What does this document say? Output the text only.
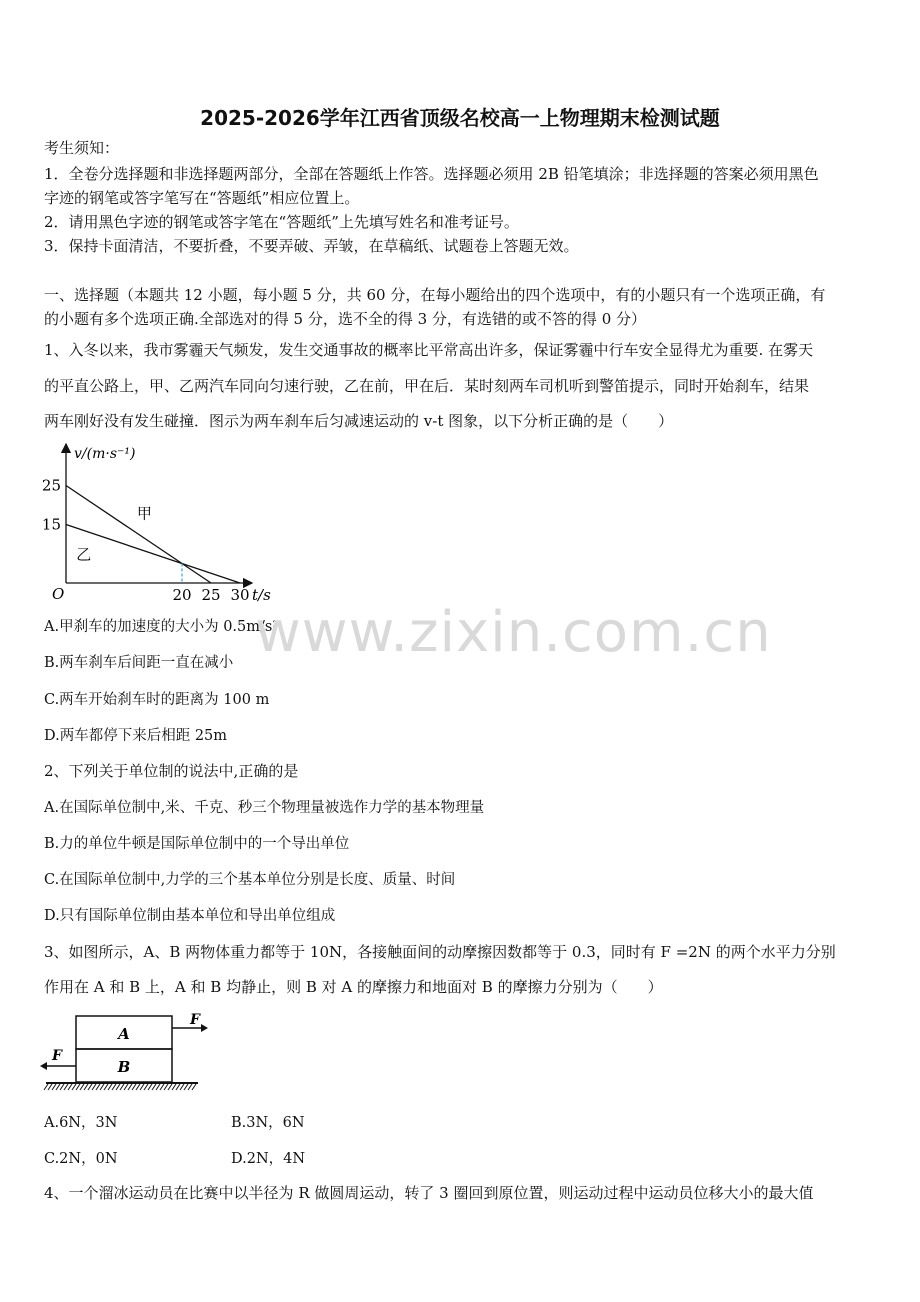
2025-2026学年江西省顶级名校高一上物理期末检测试题
考生须知：
1．全卷分选择题和非选择题两部分，全部在答题纸上作答。选择题必须用 2B 铅笔填涂；非选择题的答案必须用黑色
字迹的钢笔或答字笔写在“答题纸”相应位置上。
2．请用黑色字迹的钢笔或答字笔在“答题纸”上先填写姓名和准考证号。
3．保持卡面清洁，不要折叠，不要弄破、弄皱，在草稿纸、试题卷上答题无效。
一、选择题（本题共 12 小题，每小题 5 分，共 60 分，在每小题给出的四个选项中，有的小题只有一个选项正确，有
的小题有多个选项正确.全部选对的得 5 分，选不全的得 3 分，有选错的或不答的得 0 分）
1、入冬以来，我市雾霾天气频发，发生交通事故的概率比平常高出许多，保证雾霾中行车安全显得尤为重要. 在雾天
的平直公路上，甲、乙两汽车同向匀速行驶，乙在前，甲在后．某时刻两车司机听到警笛提示，同时开始刹车，结果
两车刚好没有发生碰撞．图示为两车刹车后匀减速运动的 v-t 图象，以下分析正确的是（　　）
v/(m·s⁻¹)
t/s
O
25
15
20 25 30
甲
乙
A.甲刹车的加速度的大小为 0.5m/s²
B.两车刹车后间距一直在减小
C.两车开始刹车时的距离为 100 m
D.两车都停下来后相距 25m
2、下列关于单位制的说法中,正确的是
A.在国际单位制中,米、千克、秒三个物理量被选作力学的基本物理量
B.力的单位牛顿是国际单位制中的一个导出单位
C.在国际单位制中,力学的三个基本单位分别是长度、质量、时间
D.只有国际单位制由基本单位和导出单位组成
3、如图所示，A、B 两物体重力都等于 10N，各接触面间的动摩擦因数都等于 0.3，同时有 F =2N 的两个水平力分别
作用在 A 和 B 上，A 和 B 均静止，则 B 对 A 的摩擦力和地面对 B 的摩擦力分别为（　　）
A
B
F
F
A.6N，3N	B.3N，6N
C.2N，0N	D.2N，4N
4、一个溜冰运动员在比赛中以半径为 R 做圆周运动，转了 3 圈回到原位置，则运动过程中运动员位移大小的最大值
www.zixin.com.cn
